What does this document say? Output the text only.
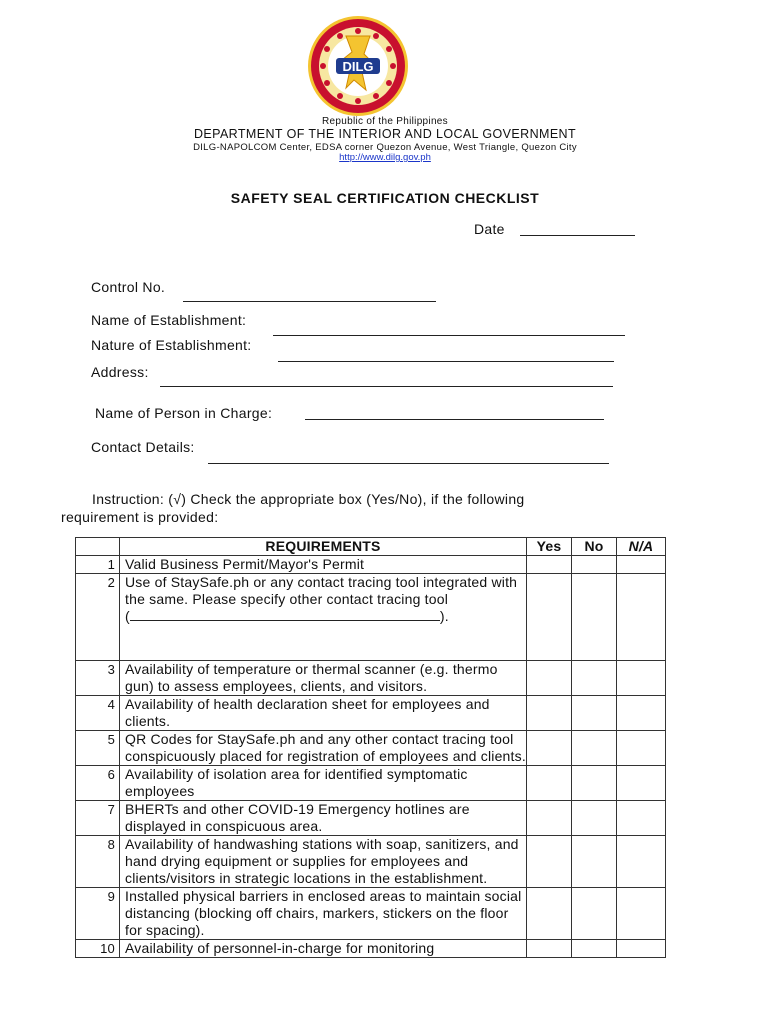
DILG
Republic of the Philippines
DEPARTMENT OF THE INTERIOR AND LOCAL GOVERNMENT
DILG-NAPOLCOM Center, EDSA corner Quezon Avenue, West Triangle, Quezon City
http://www.dilg.gov.ph
SAFETY SEAL CERTIFICATION CHECKLIST
Date
Control No.
Name of Establishment:
Nature of Establishment:
Address:
Name of Person in Charge:
Contact Details:
Instruction: (√) Check the appropriate box (Yes/No), if the following requirement is provided:
	REQUIREMENTS	Yes	No	N/A
1	Valid Business Permit/Mayor's Permit			
2	Use of StaySafe.ph or any contact tracing tool integrated with the same. Please specify other contact tracing tool
( ).			
3	Availability of temperature or thermal scanner (e.g. thermo gun) to assess employees, clients, and visitors.			
4	Availability of health declaration sheet for employees and clients.			
5	QR Codes for StaySafe.ph and any other contact tracing tool conspicuously placed for registration of employees and clients.			
6	Availability of isolation area for identified symptomatic employees			
7	BHERTs and other COVID-19 Emergency hotlines are displayed in conspicuous area.			
8	Availability of handwashing stations with soap, sanitizers, and hand drying equipment or supplies for employees and clients/visitors in strategic locations in the establishment.			
9	Installed physical barriers in enclosed areas to maintain social distancing (blocking off chairs, markers, stickers on the floor for spacing).			
10	Availability of personnel-in-charge for monitoring			
